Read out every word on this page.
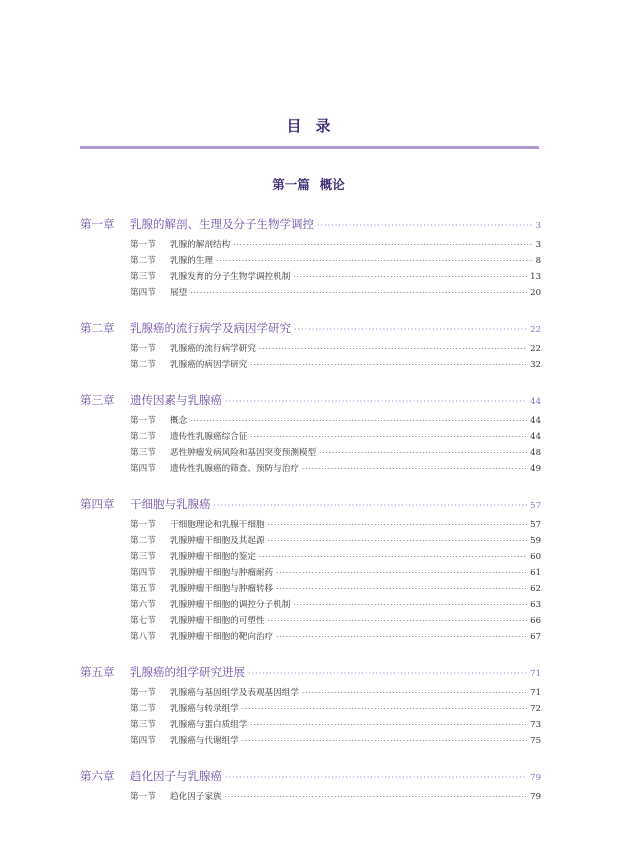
目录
第一篇 概论
第一章	乳腺的解剖、生理及分子生物学调控 ·····	3
第一节	乳腺的解剖结构 ·····	3
第二节	乳腺的生理 ·····	8
第三节	乳腺发育的分子生物学调控机制 ·····	13
第四节	展望 ·····	20
第二章	乳腺癌的流行病学及病因学研究 ·····	22
第一节	乳腺癌的流行病学研究 ·····	22
第二节	乳腺癌的病因学研究 ·····	32
第三章	遗传因素与乳腺癌 ·····	44
第一节	概念 ·····	44
第二节	遗传性乳腺癌综合征 ·····	44
第三节	恶性肿瘤发病风险和基因突变预测模型 ·····	48
第四节	遗传性乳腺癌的筛查、预防与治疗 ·····	49
第四章	干细胞与乳腺癌 ·····	57
第一节	干细胞理论和乳腺干细胞 ·····	57
第二节	乳腺肿瘤干细胞及其起源 ·····	59
第三节	乳腺肿瘤干细胞的鉴定 ·····	60
第四节	乳腺肿瘤干细胞与肿瘤耐药 ·····	61
第五节	乳腺肿瘤干细胞与肿瘤转移 ·····	62
第六节	乳腺肿瘤干细胞的调控分子机制 ·····	63
第七节	乳腺肿瘤干细胞的可塑性 ·····	66
第八节	乳腺肿瘤干细胞的靶向治疗 ·····	67
第五章	乳腺癌的组学研究进展 ·····	71
第一节	乳腺癌与基因组学及表观基因组学 ·····	71
第二节	乳腺癌与转录组学 ·····	72
第三节	乳腺癌与蛋白质组学 ·····	73
第四节	乳腺癌与代谢组学 ·····	75
第六章	趋化因子与乳腺癌 ·····	79
第一节	趋化因子家族 ·····	79
